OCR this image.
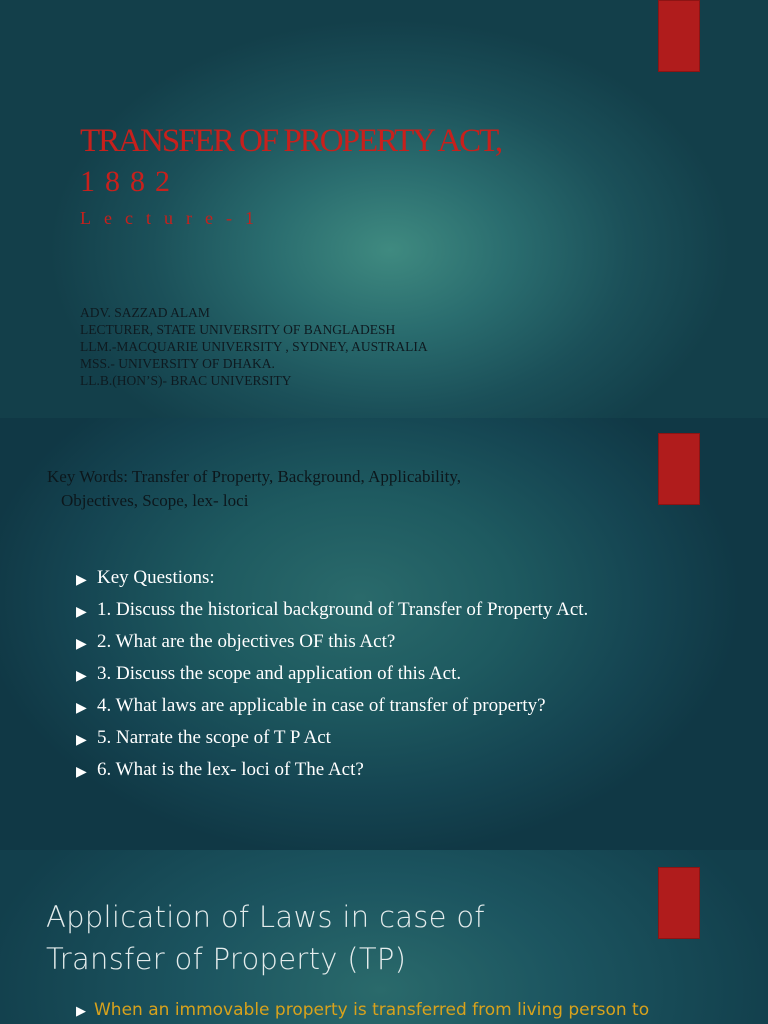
TRANSFER OF PROPERTY ACT,
1882
Lecture-1
ADV. SAZZAD ALAM
LECTURER, STATE UNIVERSITY OF BANGLADESH
LLM.-MACQUARIE UNIVERSITY , SYDNEY, AUSTRALIA
MSS.- UNIVERSITY OF DHAKA.
LL.B.(HON’S)- BRAC UNIVERSITY
Key Words: Transfer of Property, Background, Applicability,
Objectives, Scope, lex- loci
▶ Key Questions:
▶ 1. Discuss the historical background of Transfer of Property Act.
▶ 2. What are the objectives OF this Act?
▶ 3. Discuss the scope and application of this Act.
▶ 4. What laws are applicable in case of transfer of property?
▶ 5. Narrate the scope of T P Act
▶ 6. What is the lex- loci of The Act?
Application of Laws in case of
Transfer of Property (TP)
▶ When an immovable property is transferred from living person to
